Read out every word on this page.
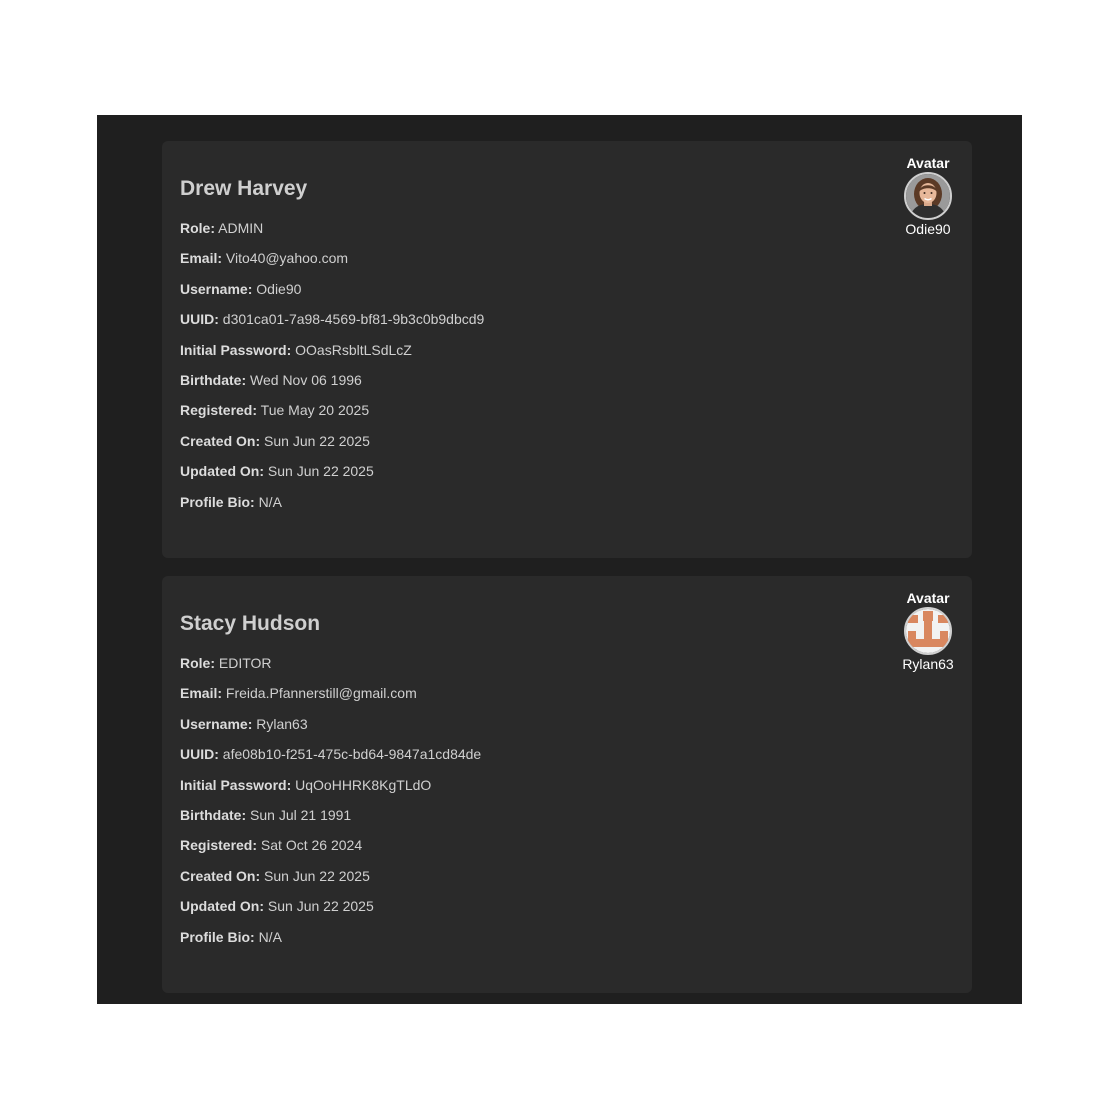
Drew Harvey
Role: ADMIN
Email: Vito40@yahoo.com
Username: Odie90
UUID: d301ca01-7a98-4569-bf81-9b3c0b9dbcd9
Initial Password: OOasRsbltLSdLcZ
Birthdate: Wed Nov 06 1996
Registered: Tue May 20 2025
Created On: Sun Jun 22 2025
Updated On: Sun Jun 22 2025
Profile Bio: N/A
Avatar
Odie90
Stacy Hudson
Role: EDITOR
Email: Freida.Pfannerstill@gmail.com
Username: Rylan63
UUID: afe08b10-f251-475c-bd64-9847a1cd84de
Initial Password: UqOoHHRK8KgTLdO
Birthdate: Sun Jul 21 1991
Registered: Sat Oct 26 2024
Created On: Sun Jun 22 2025
Updated On: Sun Jun 22 2025
Profile Bio: N/A
Avatar
Rylan63
